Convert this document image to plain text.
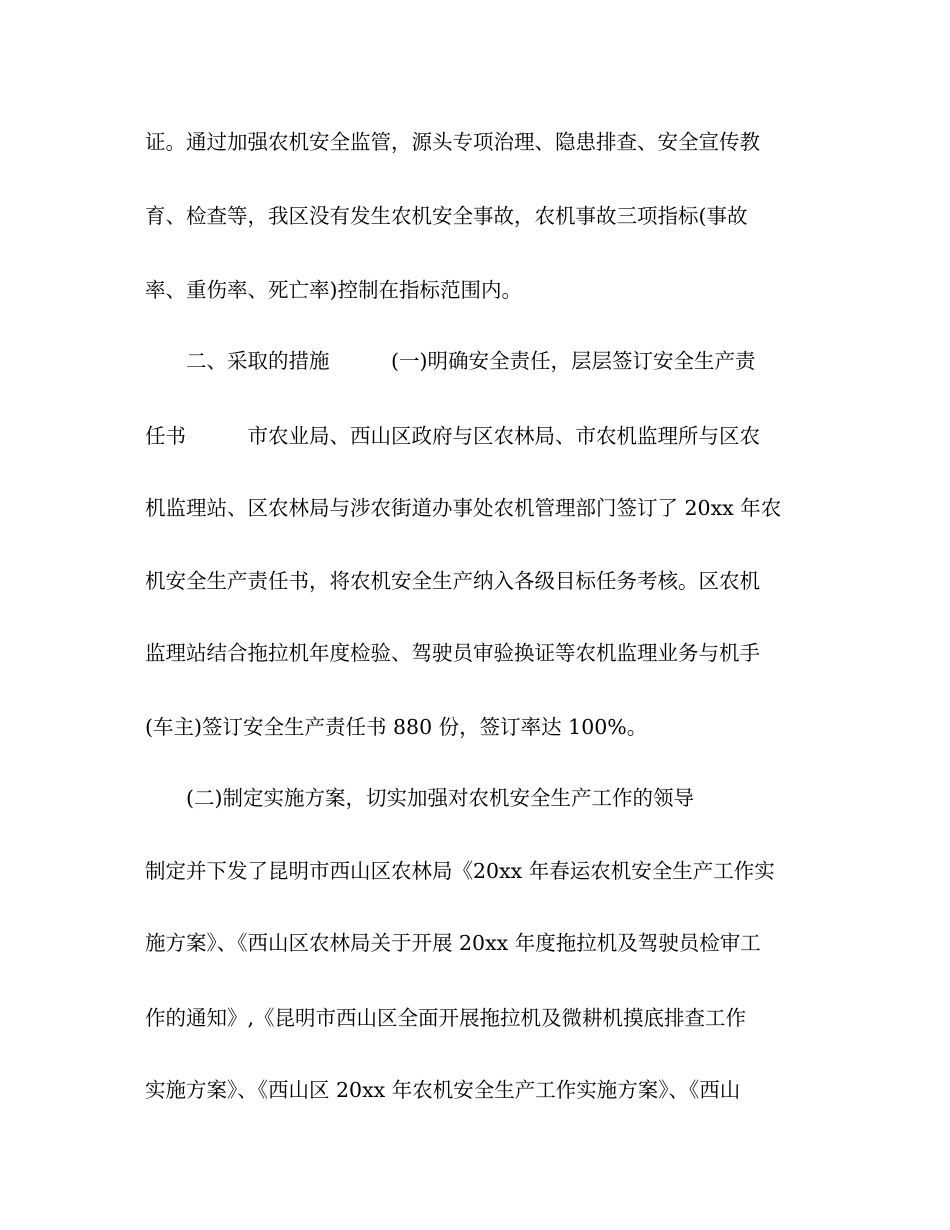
证。通过加强农机安全监管，源头专项治理、隐患排查、安全宣传教
育、检查等，我区没有发生农机安全事故，农机事故三项指标(事故
率、重伤率、死亡率)控制在指标范围内。
　　二、采取的措施　　　(一)明确安全责任，层层签订安全生产责
任书　　　市农业局、西山区政府与区农林局、市农机监理所与区农
机监理站、区农林局与涉农街道办事处农机管理部门签订了 20xx 年农
机安全生产责任书，将农机安全生产纳入各级目标任务考核。区农机
监理站结合拖拉机年度检验、驾驶员审验换证等农机监理业务与机手
(车主)签订安全生产责任书 880 份，签订率达 100%。
　　(二)制定实施方案，切实加强对农机安全生产工作的领导
制定并下发了昆明市西山区农林局《20xx 年春运农机安全生产工作实
施方案》、《西山区农林局关于开展 20xx 年度拖拉机及驾驶员检审工
作的通知》,《昆明市西山区全面开展拖拉机及微耕机摸底排查工作
实施方案》、《西山区 20xx 年农机安全生产工作实施方案》、《西山
